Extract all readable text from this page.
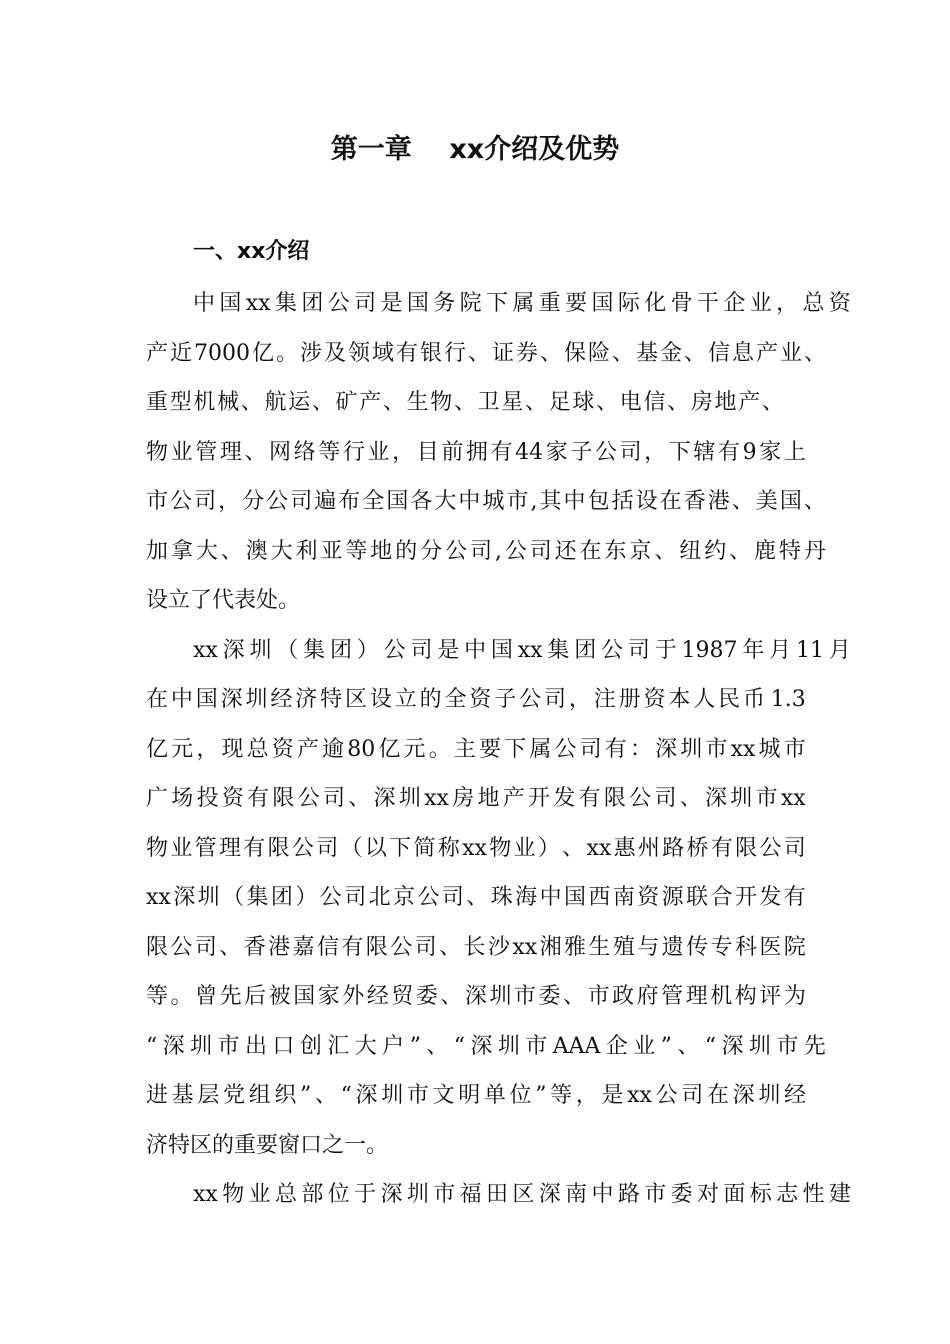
第一章    xx介绍及优势
一、xx介绍
中 国 xx 集 团 公 司 是 国 务 院 下 属 重 要 国 际 化 骨 干 企 业 ， 总 资
产 近 7000 亿 。 涉 及 领 域 有 银 行 、 证 券 、 保 险 、 基 金 、 信 息 产 业 、
重 型 机 械 、 航 运 、 矿 产 、 生 物 、 卫 星 、 足 球 、 电 信 、 房 地 产 、
物 业 管 理 、 网 络 等 行 业 ， 目 前 拥 有 44 家 子 公 司 ， 下 辖 有 9 家 上
市 公 司 ， 分 公 司 遍 布 全 国 各 大 中 城 市 , 其 中 包 括 设 在 香 港 、 美 国 、
加 拿 大 、 澳 大 利 亚 等 地 的 分 公 司 , 公 司 还 在 东 京 、 纽 约 、 鹿 特 丹
设立了代表处。
xx 深 圳 （ 集 团 ） 公 司 是 中 国 xx 集 团 公 司 于 1987 年 月 11 月
在 中 国 深 圳 经 济 特 区 设 立 的 全 资 子 公 司 ， 注 册 资 本 人 民 币 1.3
亿 元 ， 现 总 资 产 逾 80 亿 元 。 主 要 下 属 公 司 有 ： 深 圳 市 xx 城 市
广 场 投 资 有 限 公 司 、 深 圳 xx 房 地 产 开 发 有 限 公 司 、 深 圳 市 xx
物 业 管 理 有 限 公 司 （ 以 下 简 称 xx 物 业 ） 、 xx 惠 州 路 桥 有 限 公 司
xx 深 圳 （ 集 团 ） 公 司 北 京 公 司 、 珠 海 中 国 西 南 资 源 联 合 开 发 有
限 公 司 、 香 港 嘉 信 有 限 公 司 、 长 沙 xx 湘 雅 生 殖 与 遗 传 专 科 医 院
等 。 曾 先 后 被 国 家 外 经 贸 委 、 深 圳 市 委 、 市 政 府 管 理 机 构 评 为
“ 深 圳 市 出 口 创 汇 大 户 ” 、 “ 深 圳 市 AAA 企 业 ” 、 “ 深 圳 市 先
进 基 层 党 组 织 ” 、 “ 深 圳 市 文 明 单 位 ” 等 ， 是 xx 公 司 在 深 圳 经
济特区的重要窗口之一。
xx 物 业 总 部 位 于 深 圳 市 福 田 区 深 南 中 路 市 委 对 面 标 志 性 建
